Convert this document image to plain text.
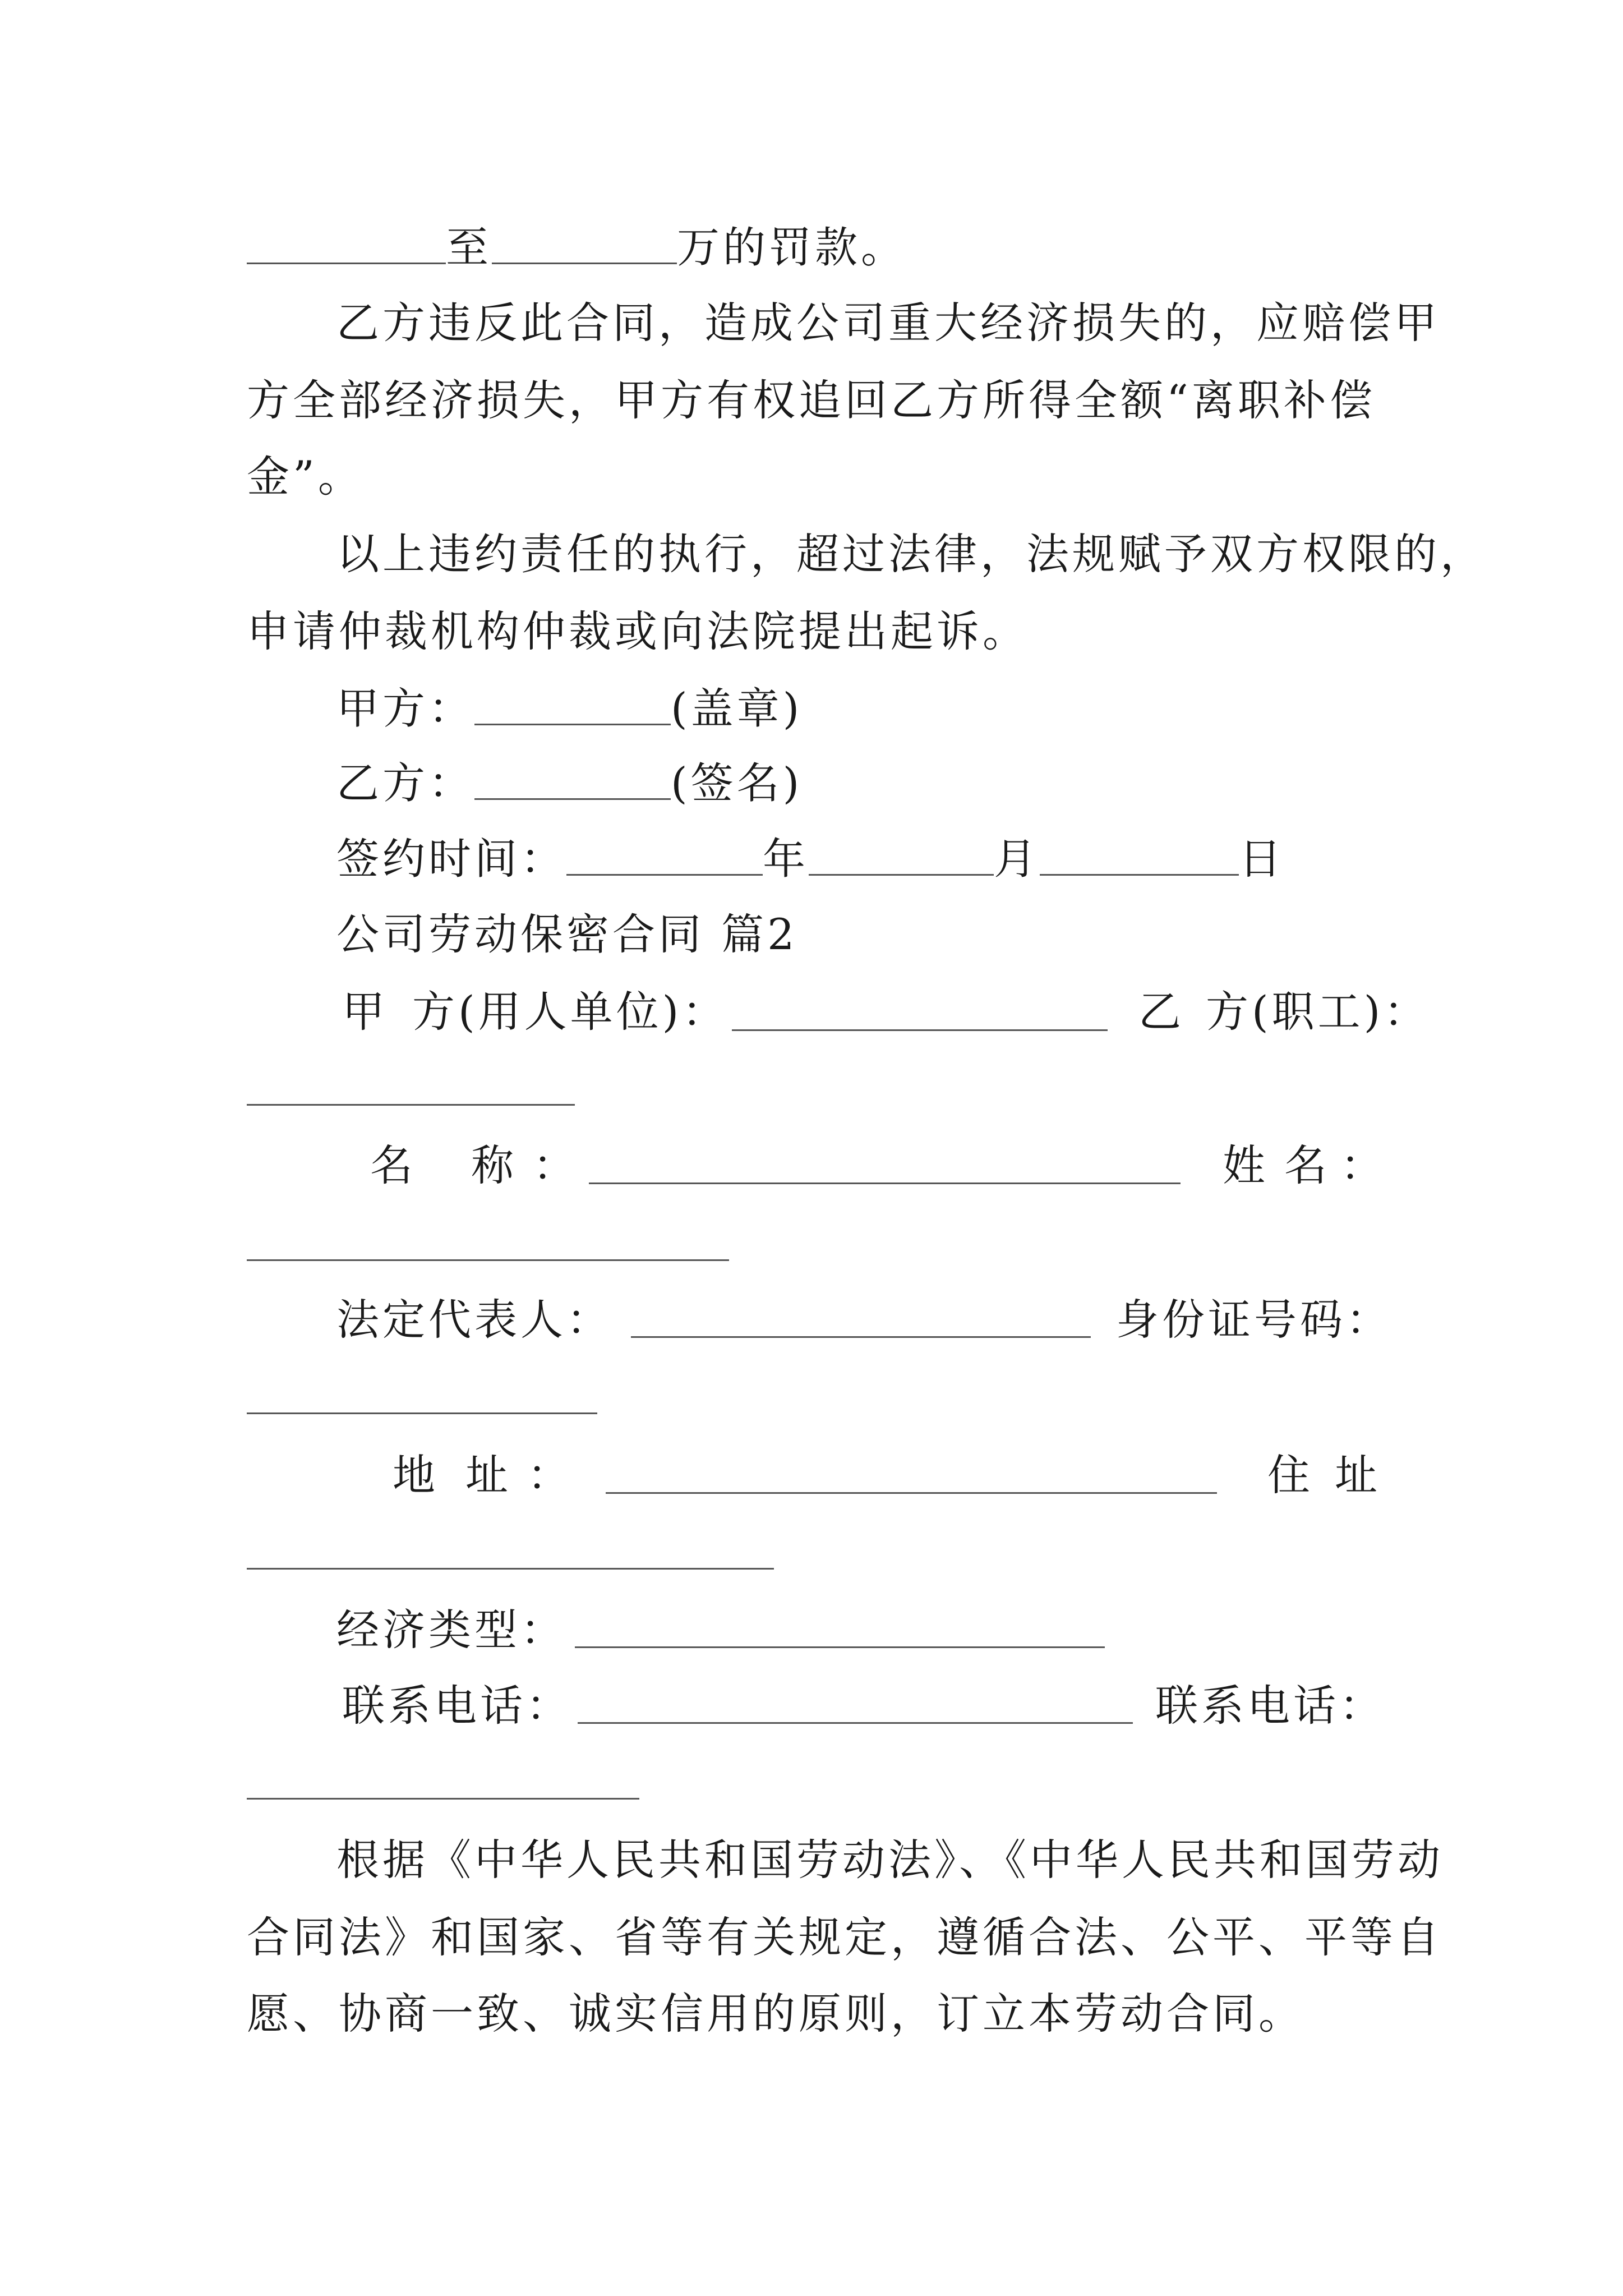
至	万的罚款。
乙方违反此合同，造成公司重大经济损失的，应赔偿甲
方全部经济损失，甲方有权追回乙方所得全额“离职补偿
金”。
以上违约责任的执行，超过法律，法规赋予双方权限的，
申请仲裁机构仲裁或向法院提出起诉。
甲方：	(盖章)
乙方：	(签名)
签约时间：	年	月	日
公司劳动保密合同 篇2
甲 方(用人单位)：	乙 方(职工)：
名 称 ：	姓 名 ：
法定代表人：	身份证号码：
地 址 ：	住 址
经济类型：
联系电话：	联系电话：
根据《中华人民共和国劳动法》、《中华人民共和国劳动
合同法》和国家、省等有关规定，遵循合法、公平、平等自
愿、协商一致、诚实信用的原则，订立本劳动合同。
